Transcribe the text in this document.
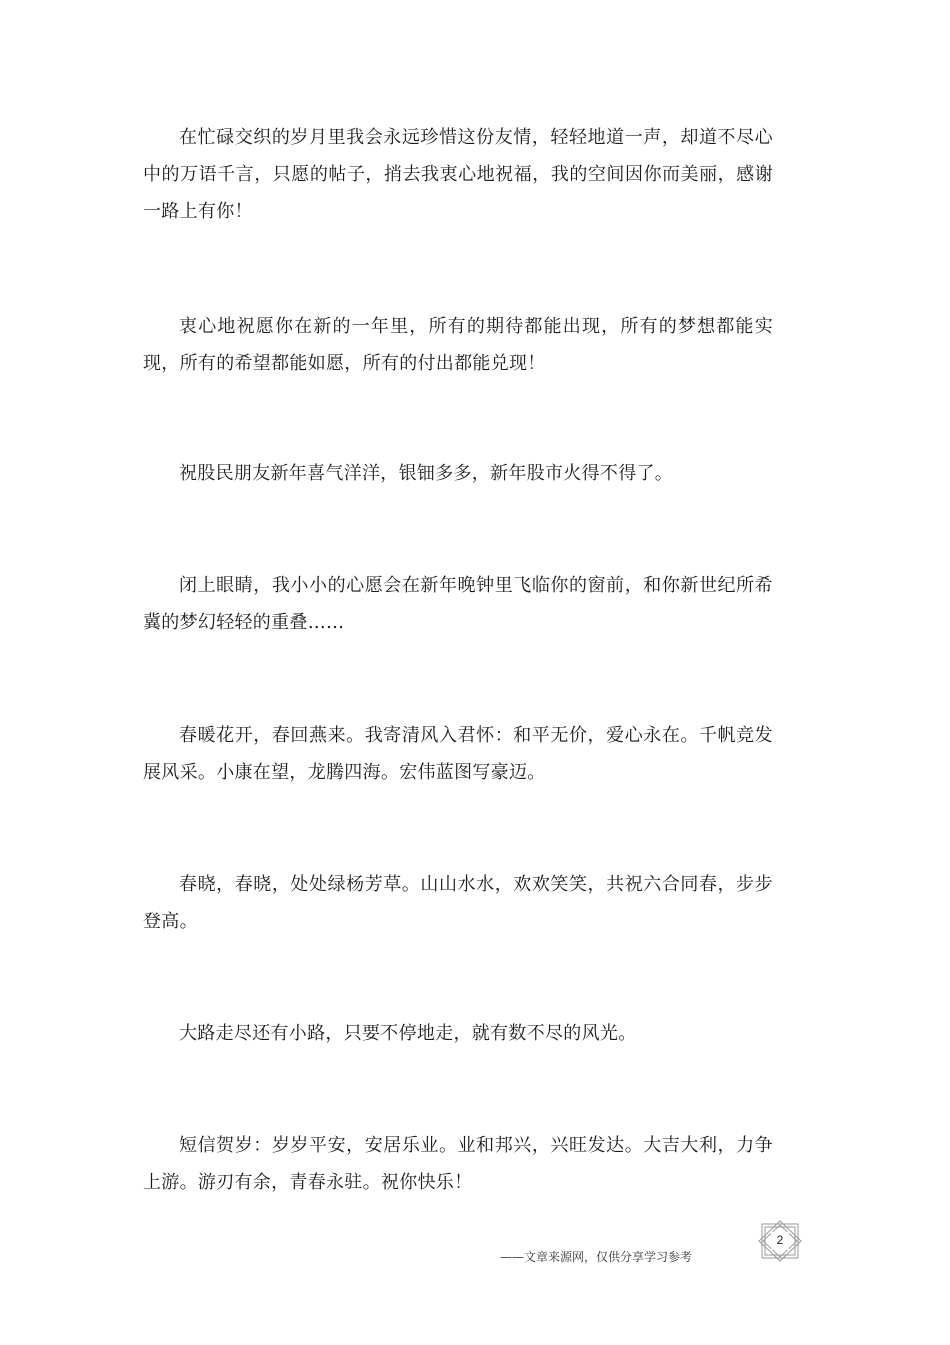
在忙碌交织的岁月里我会永远珍惜这份友情，轻轻地道一声，却道不尽心中的万语千言，只愿的帖子，捎去我衷心地祝福，我的空间因你而美丽，感谢一路上有你！

衷心地祝愿你在新的一年里，所有的期待都能出现，所有的梦想都能实现，所有的希望都能如愿，所有的付出都能兑现！

祝股民朋友新年喜气洋洋，银钿多多，新年股市火得不得了。

闭上眼睛，我小小的心愿会在新年晚钟里飞临你的窗前，和你新世纪所希冀的梦幻轻轻的重叠……

春暖花开，春回燕来。我寄清风入君怀：和平无价，爱心永在。千帆竞发展风采。小康在望，龙腾四海。宏伟蓝图写豪迈。

春晓，春晓，处处绿杨芳草。山山水水，欢欢笑笑，共祝六合同春，步步登高。

大路走尽还有小路，只要不停地走，就有数不尽的风光。

短信贺岁：岁岁平安，安居乐业。业和邦兴，兴旺发达。大吉大利，力争上游。游刃有余，青春永驻。祝你快乐！

——文章来源网，仅供分享学习参考
2
